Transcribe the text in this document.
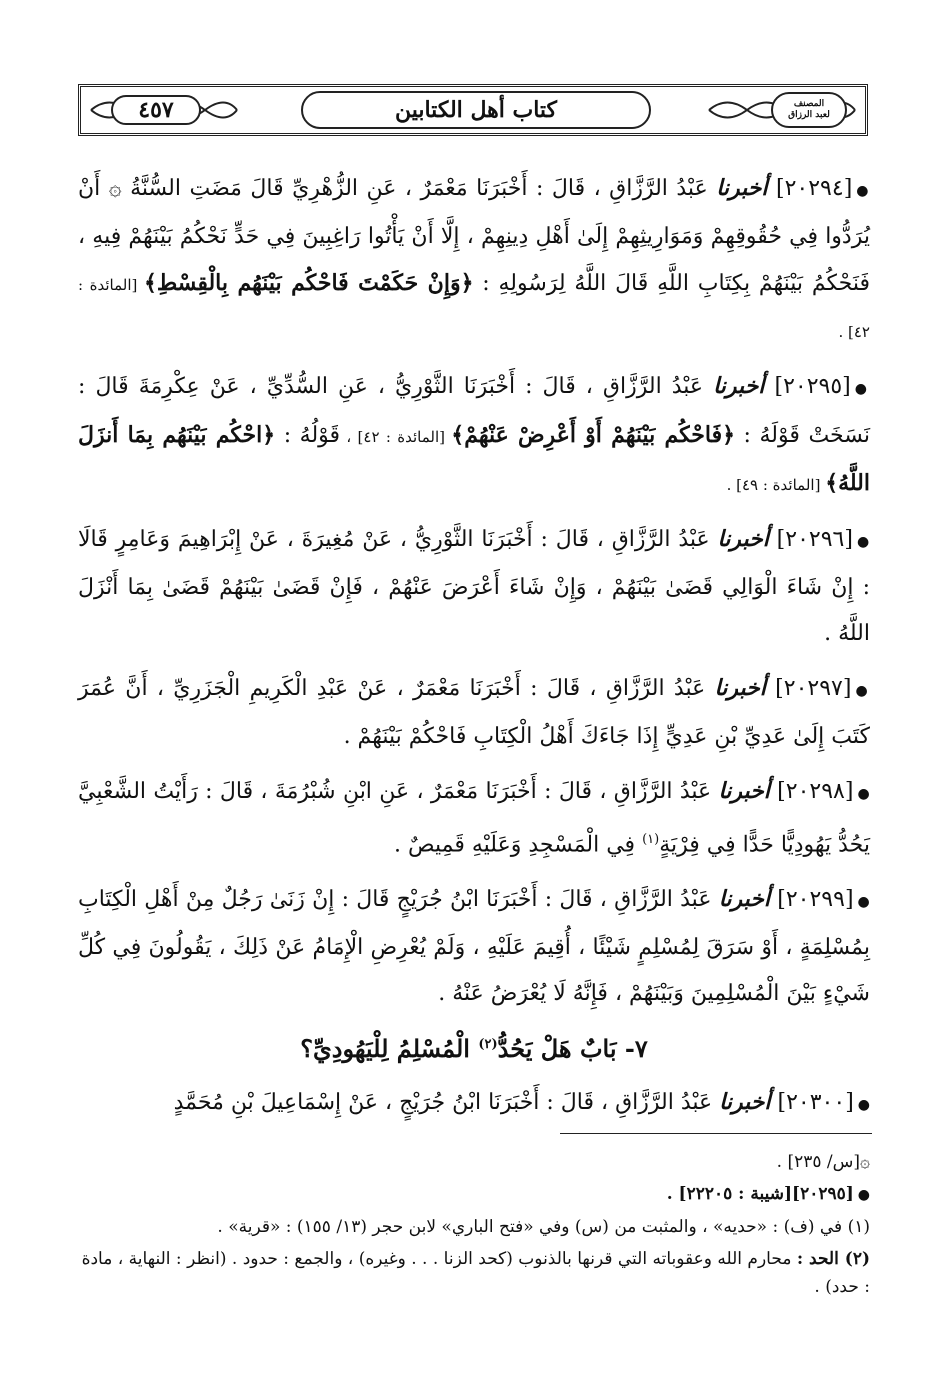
٤٥٧	كتاب أهل الكتابين	المصنف
لعبد الرزاق

●[٢٠٢٩٤] أخبرنا عَبْدُ الرَّزَّاقِ ، قَالَ : أَخْبَرَنَا مَعْمَرٌ ، عَنِ الزُّهْرِيِّ قَالَ مَضَتِ السُّنَّةُ ۞ أَنْ يُرَدُّوا فِي حُقُوقِهِمْ وَمَوَارِيثِهِمْ إِلَىٰ أَهْلِ دِينِهِمْ ، إِلَّا أَنْ يَأْتُوا رَاغِبِينَ فِي حَدٍّ نَحْكُمُ بَيْنَهُمْ فِيهِ ، فَنَحْكُمُ بَيْنَهُمْ بِكِتَابِ اللَّهِ قَالَ اللَّهُ لِرَسُولِهِ : ﴿وَإِنْ حَكَمْتَ فَاحْكُم بَيْنَهُم بِالْقِسْطِ﴾ [المائدة : ٤٢] .

●[٢٠٢٩٥] أخبرنا عَبْدُ الرَّزَّاقِ ، قَالَ : أَخْبَرَنَا الثَّوْرِيُّ ، عَنِ السُّدِّيِّ ، عَنْ عِكْرِمَةَ قَالَ : نَسَخَتْ قَوْلَهُ : ﴿فَاحْكُم بَيْنَهُمْ أَوْ أَعْرِضْ عَنْهُمْ﴾ [المائدة : ٤٢] ، قَوْلُهُ : ﴿احْكُم بَيْنَهُم بِمَا أَنزَلَ اللَّهُ﴾ [المائدة : ٤٩] .

●[٢٠٢٩٦] أخبرنا عَبْدُ الرَّزَّاقِ ، قَالَ : أَخْبَرَنَا الثَّوْرِيُّ ، عَنْ مُغِيرَةَ ، عَنْ إِبْرَاهِيمَ وَعَامِرٍ قَالَا : إِنْ شَاءَ الْوَالِي قَضَىٰ بَيْنَهُمْ ، وَإِنْ شَاءَ أَعْرَضَ عَنْهُمْ ، فَإِنْ قَضَىٰ بَيْنَهُمْ قَضَىٰ بِمَا أَنْزَلَ اللَّهُ .

●[٢٠٢٩٧] أخبرنا عَبْدُ الرَّزَّاقِ ، قَالَ : أَخْبَرَنَا مَعْمَرٌ ، عَنْ عَبْدِ الْكَرِيمِ الْجَزَرِيِّ ، أَنَّ عُمَرَ كَتَبَ إِلَىٰ عَدِيِّ بْنِ عَدِيٍّ إِذَا جَاءَكَ أَهْلُ الْكِتَابِ فَاحْكُمْ بَيْنَهُمْ .

●[٢٠٢٩٨] أخبرنا عَبْدُ الرَّزَّاقِ ، قَالَ : أَخْبَرَنَا مَعْمَرٌ ، عَنِ ابْنِ شُبْرُمَةَ ، قَالَ : رَأَيْتُ الشَّعْبِيَّ يَحُدُّ يَهُودِيًّا حَدًّا فِي فِرْيَةٍ$^{(١)}$ فِي الْمَسْجِدِ وَعَلَيْهِ قَمِيصٌ .

●[٢٠٢٩٩] أخبرنا عَبْدُ الرَّزَّاقِ ، قَالَ : أَخْبَرَنَا ابْنُ جُرَيْجٍ قَالَ : إِنْ زَنَىٰ رَجُلٌ مِنْ أَهْلِ الْكِتَابِ بِمُسْلِمَةٍ ، أَوْ سَرَقَ لِمُسْلِمٍ شَيْئًا ، أُقِيمَ عَلَيْهِ ، وَلَمْ يُعْرِضِ الْإِمَامُ عَنْ ذَلِكَ ، يَقُولُونَ فِي كُلِّ شَيْءٍ بَيْنَ الْمُسْلِمِينَ وَبَيْنَهُمْ ، فَإِنَّهُ لَا يُعْرَضُ عَنْهُ .

٧- بَابٌ هَلْ يَحُدُّ$^{(٢)}$ الْمُسْلِمُ لِلْيَهُودِيِّ؟

●[٢٠٣٠٠] أخبرنا عَبْدُ الرَّزَّاقِ ، قَالَ : أَخْبَرَنَا ابْنُ جُرَيْجٍ ، عَنْ إِسْمَاعِيلَ بْنِ مُحَمَّدٍ

۞[س/ ٢٣٥] .

●[٢٠٢٩٥][شيبة : ٢٢٢٠٥] .

(١) في (ف) : «حديه» ، والمثبت من (س) وفي «فتح الباري» لابن حجر (١٣/ ١٥٥) : «قرية» .

(٢) الحد : محارم الله وعقوباته التي قرنها بالذنوب (كحد الزنا . . . وغيره) ، والجمع : حدود . (انظر : النهاية ، مادة : حدد) .
